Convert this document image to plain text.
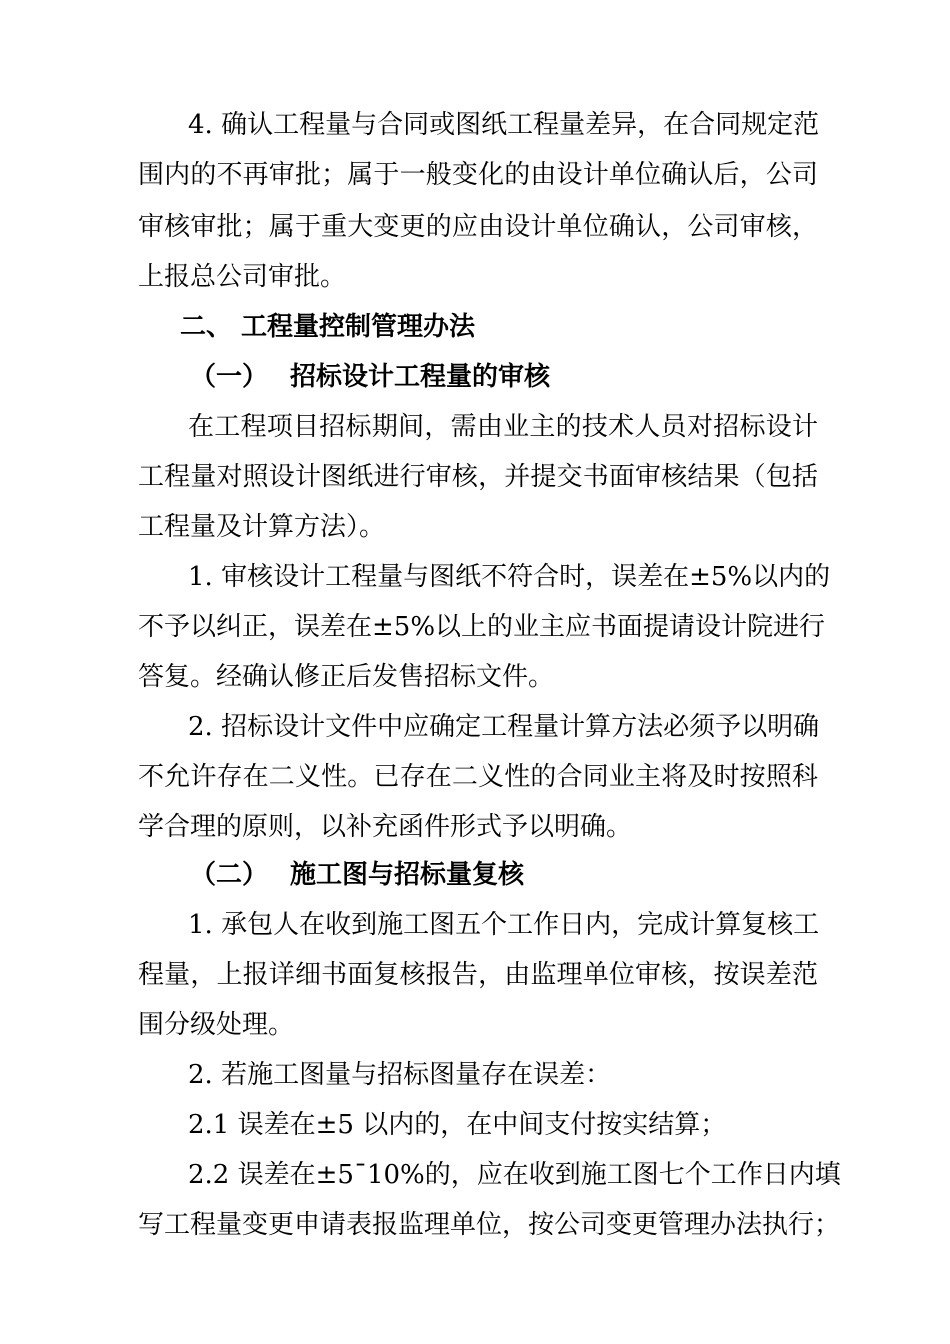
4. 确认工程量与合同或图纸工程量差异，在合同规定范
围内的不再审批；属于一般变化的由设计单位确认后，公司
审核审批；属于重大变更的应由设计单位确认，公司审核，
上报总公司审批。
二、 工程量控制管理办法
（一）　 招标设计工程量的审核
在工程项目招标期间，需由业主的技术人员对招标设计
工程量对照设计图纸进行审核，并提交书面审核结果（包括
工程量及计算方法）。
1. 审核设计工程量与图纸不符合时，误差在±5%以内的
不予以纠正，误差在±5%以上的业主应书面提请设计院进行
答复。经确认修正后发售招标文件。
2. 招标设计文件中应确定工程量计算方法必须予以明确
不允许存在二义性。已存在二义性的合同业主将及时按照科
学合理的原则，以补充函件形式予以明确。
（二）　 施工图与招标量复核
1. 承包人在收到施工图五个工作日内，完成计算复核工
程量，上报详细书面复核报告，由监理单位审核，按误差范
围分级处理。
2. 若施工图量与招标图量存在误差：
2.1 误差在±5 以内的，在中间支付按实结算；
2.2 误差在±5¯10%的，应在收到施工图七个工作日内填
写工程量变更申请表报监理单位，按公司变更管理办法执行；
